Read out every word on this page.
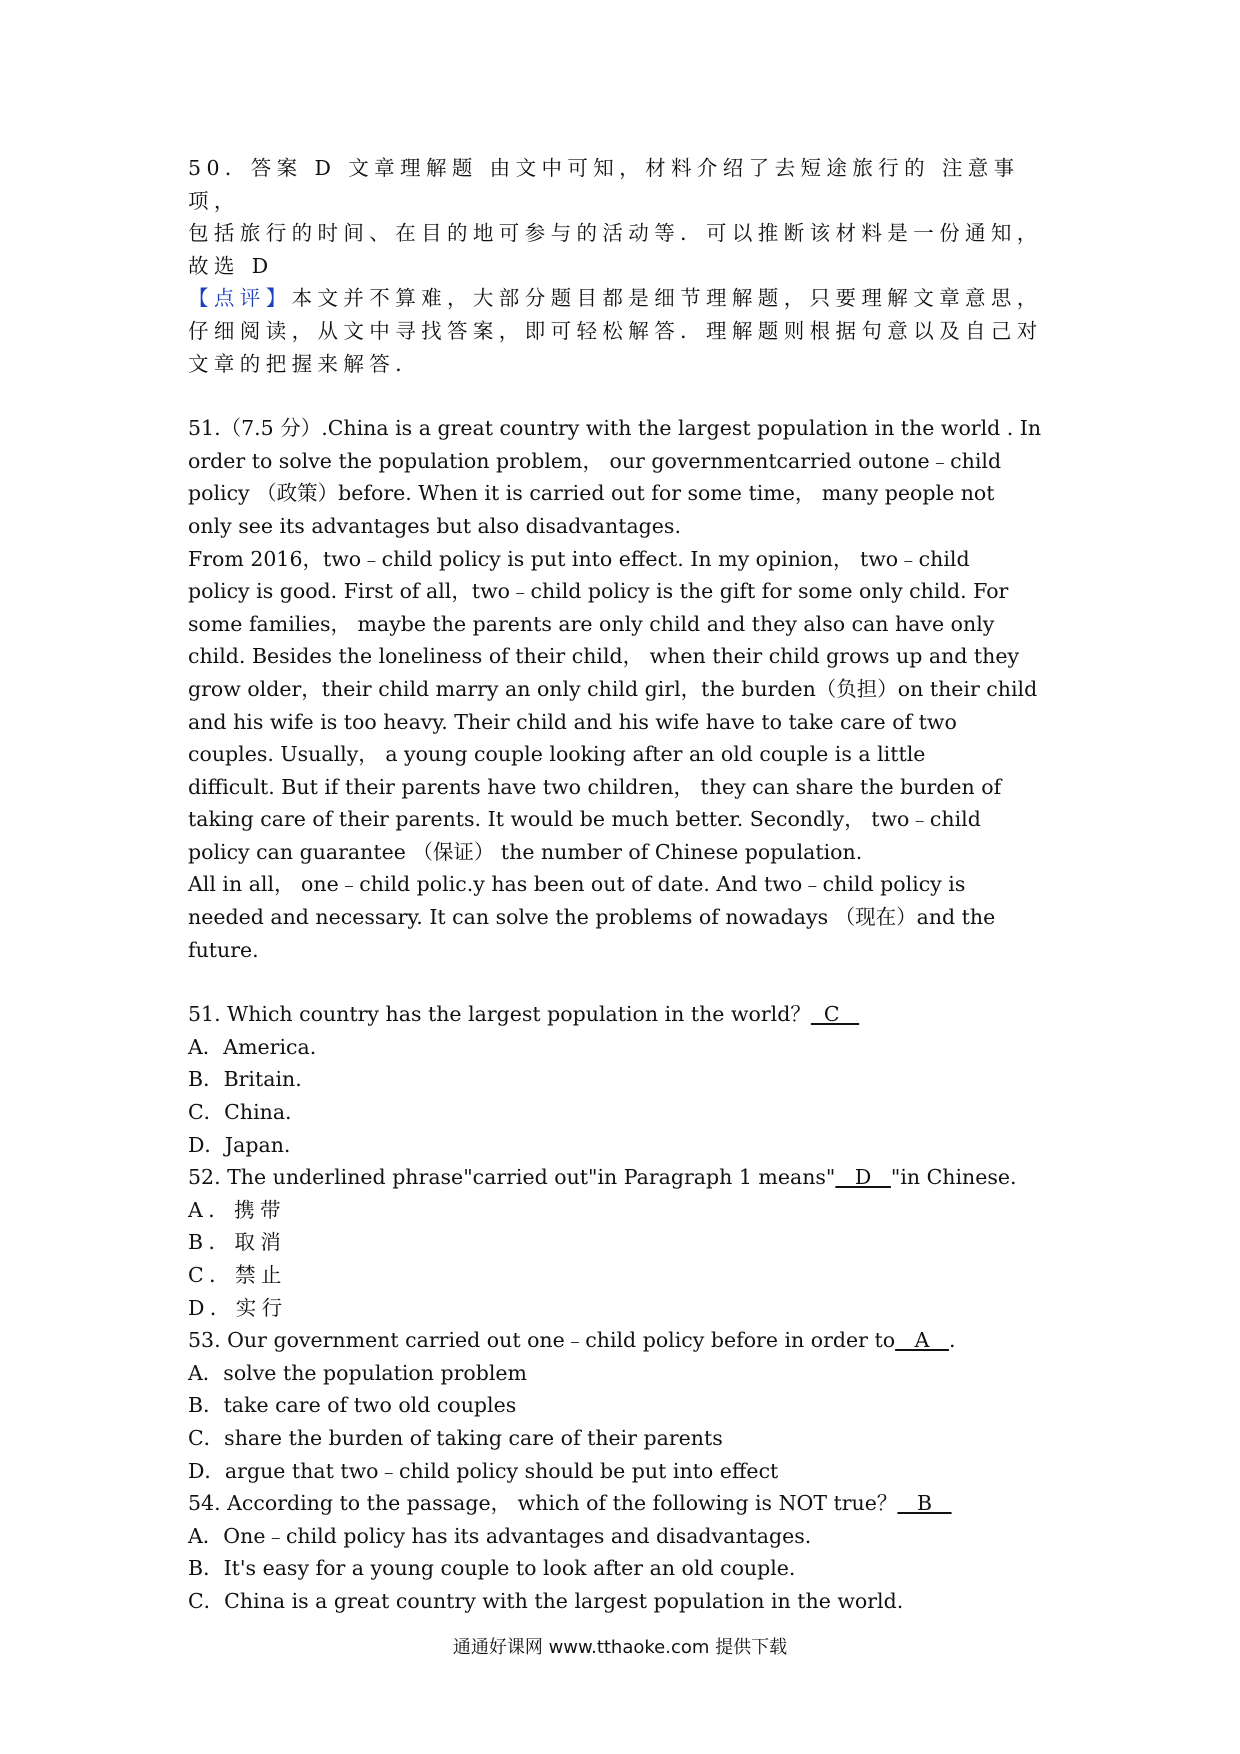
50．答案 D 文章理解题 由文中可知，材料介绍了去短途旅行的 注意事项，

包括旅行的时间、在目的地可参与的活动等．可以推断该材料是一份通知，

故选 D

【点评】本文并不算难，大部分题目都是细节理解题，只要理解文章意思，

仔细阅读，从文中寻找答案，即可轻松解答．理解题则根据句意以及自己对

文章的把握来解答．

51.（7.5 分）.China is a great country with the largest population in the world . In

order to solve the population problem， our governmentcarried outone﹣child

policy （政策）before. When it is carried out for some time， many people not

only see its advantages but also disadvantages.

From 2016，two﹣child policy is put into effect. In my opinion， two﹣child

policy is good. First of all，two﹣child policy is the gift for some only child. For

some families， maybe the parents are only child and they also can have only

child. Besides the loneliness of their child， when their child grows up and they

grow older，their child marry an only child girl，the burden（负担）on their child

and his wife is too heavy. Their child and his wife have to take care of two

couples. Usually， a young couple looking after an old couple is a little

difficult. But if their parents have two children， they can share the burden of

taking care of their parents. It would be much better. Secondly， two﹣child

policy can guarantee （保证） the number of Chinese population.

All in all， one﹣child polic.y has been out of date. And two﹣child policy is

needed and necessary. It can solve the problems of nowadays （现在）and the

future.

51. Which country has the largest population in the world？  C

A．America.

B．Britain.

C．China.

D．Japan.

52. The underlined phrase"carried out"in Paragraph 1 means"   D   "in Chinese.

A．携带

B．取消

C．禁止

D．实行

53. Our government carried out one﹣child policy before in order to   A   .

A．solve the population problem

B．take care of two old couples

C．share the burden of taking care of their parents

D．argue that two﹣child policy should be put into effect

54. According to the passage， which of the following is NOT true？   B

A．One﹣child policy has its advantages and disadvantages.

B．It's easy for a young couple to look after an old couple.

C．China is a great country with the largest population in the world.

通通好课网 www.tthaoke.com 提供下载
